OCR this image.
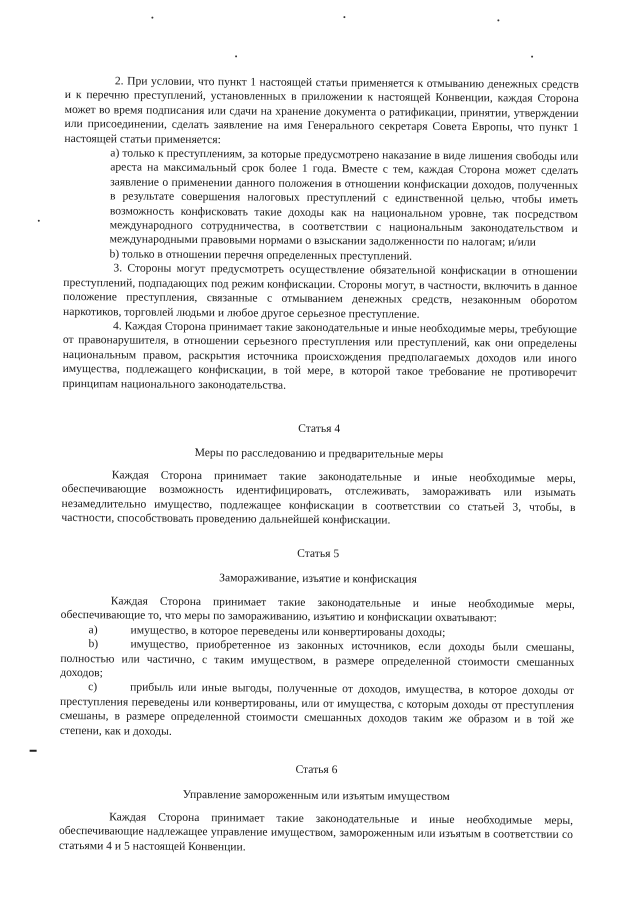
2. При условии, что пункт 1 настоящей статьи применяется к отмыванию денежных средств и к перечню преступлений, установленных в приложении к настоящей Конвенции, каждая Сторона может во время подписания или сдачи на хранение документа о ратификации, принятии, утверждении или присоединении, сделать заявление на имя Генерального секретаря Совета Европы, что пункт 1 настоящей статьи применяется:

a) только к преступлениям, за которые предусмотрено наказание в виде лишения свободы или ареста на максимальный срок более 1 года. Вместе с тем, каждая Сторона может сделать заявление о применении данного положения в отношении конфискации доходов, полученных в результате совершения налоговых преступлений с единственной целью, чтобы иметь возможность конфисковать такие доходы как на национальном уровне, так посредством международного сотрудничества, в соответствии с национальным законодательством и международными правовыми нормами о взыскании задолженности по налогам; и/или

b) только в отношении перечня определенных преступлений.

3. Стороны могут предусмотреть осуществление обязательной конфискации в отношении преступлений, подпадающих под режим конфискации. Стороны могут, в частности, включить в данное положение преступления, связанные с отмыванием денежных средств, незаконным оборотом наркотиков, торговлей людьми и любое другое серьезное преступление.

4. Каждая Сторона принимает такие законодательные и иные необходимые меры, требующие от правонарушителя, в отношении серьезного преступления или преступлений, как они определены национальным правом, раскрытия источника происхождения предполагаемых доходов или иного имущества, подлежащего конфискации, в той мере, в которой такое требование не противоречит принципам национального законодательства.

Статья 4
Меры по расследованию и предварительные меры

Каждая Сторона принимает такие законодательные и иные необходимые меры, обеспечивающие возможность идентифицировать, отслеживать, замораживать или изымать незамедлительно имущество, подлежащее конфискации в соответствии со статьей 3, чтобы, в частности, способствовать проведению дальнейшей конфискации.

Статья 5
Замораживание, изъятие и конфискация

Каждая Сторона принимает такие законодательные и иные необходимые меры, обеспечивающие то, что меры по замораживанию, изъятию и конфискации охватывают:

a)	имущество, в которое переведены или конвертированы доходы;

b)	имущество, приобретенное из законных источников, если доходы были смешаны, полностью или частично, с таким имуществом, в размере определенной стоимости смешанных доходов;

c)	прибыль или иные выгоды, полученные от доходов, имущества, в которое доходы от преступления переведены или конвертированы, или от имущества, с которым доходы от преступления смешаны, в размере определенной стоимости смешанных доходов таким же образом и в той же степени, как и доходы.

Статья 6
Управление замороженным или изъятым имуществом

Каждая Сторона принимает такие законодательные и иные необходимые меры, обеспечивающие надлежащее управление имуществом, замороженным или изъятым в соответствии со статьями 4 и 5 настоящей Конвенции.
